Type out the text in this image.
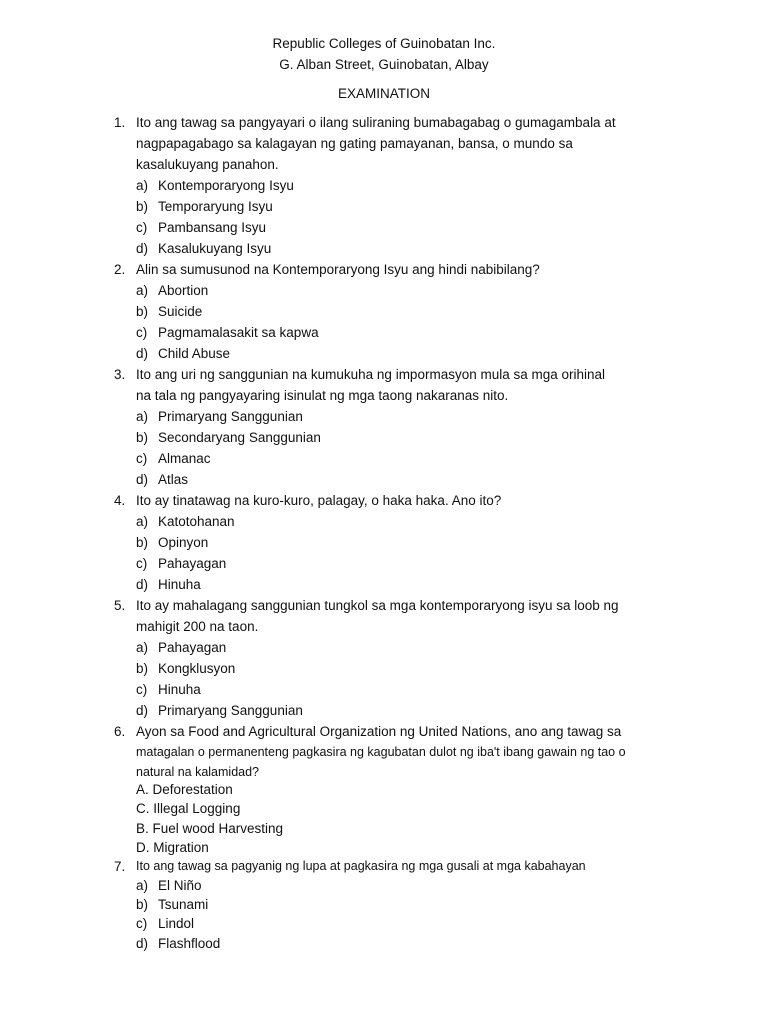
Republic Colleges of Guinobatan Inc.
G. Alban Street, Guinobatan, Albay
EXAMINATION
1. Ito ang tawag sa pangyayari o ilang suliraning bumabagabag o gumagambala at
nagpapagabago sa kalagayan ng gating pamayanan, bansa, o mundo sa
kasalukuyang panahon.
a) Kontemporaryong Isyu
b) Temporaryung Isyu
c) Pambansang Isyu
d) Kasalukuyang Isyu
2. Alin sa sumusunod na Kontemporaryong Isyu ang hindi nabibilang?
a) Abortion
b) Suicide
c) Pagmamalasakit sa kapwa
d) Child Abuse
3. Ito ang uri ng sanggunian na kumukuha ng impormasyon mula sa mga orihinal
na tala ng pangyayaring isinulat ng mga taong nakaranas nito.
a) Primaryang Sanggunian
b) Secondaryang Sanggunian
c) Almanac
d) Atlas
4. Ito ay tinatawag na kuro-kuro, palagay, o haka haka. Ano ito?
a) Katotohanan
b) Opinyon
c) Pahayagan
d) Hinuha
5. Ito ay mahalagang sanggunian tungkol sa mga kontemporaryong isyu sa loob ng
mahigit 200 na taon.
a) Pahayagan
b) Kongklusyon
c) Hinuha
d) Primaryang Sanggunian
6. Ayon sa Food and Agricultural Organization ng United Nations, ano ang tawag sa
matagalan o permanenteng pagkasira ng kagubatan dulot ng iba't ibang gawain ng tao o
natural na kalamidad?
A. Deforestation
C. Illegal Logging
B. Fuel wood Harvesting
D. Migration
7. Ito ang tawag sa pagyanig ng lupa at pagkasira ng mga gusali at mga kabahayan
a) El Niño
b) Tsunami
c) Lindol
d) Flashflood
